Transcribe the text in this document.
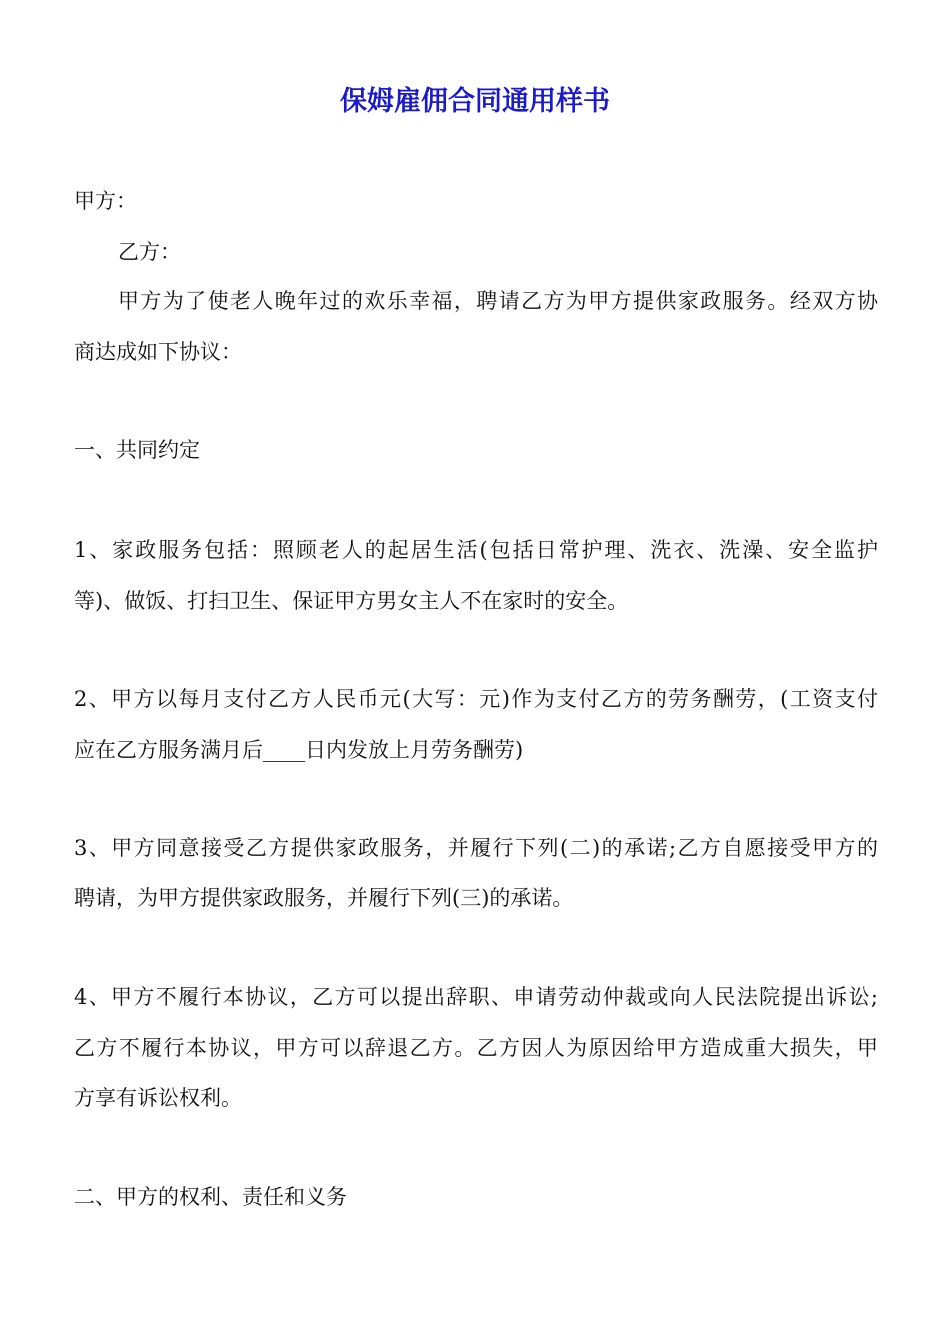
保姆雇佣合同通用样书
甲方：
乙方：
甲方为了使老人晚年过的欢乐幸福，聘请乙方为甲方提供家政服务。经双方协
商达成如下协议：
一、共同约定
1、家政服务包括：照顾老人的起居生活(包括日常护理、洗衣、洗澡、安全监护
等)、做饭、打扫卫生、保证甲方男女主人不在家时的安全。
2、甲方以每月支付乙方人民币元(大写：元)作为支付乙方的劳务酬劳，(工资支付
应在乙方服务满月后____日内发放上月劳务酬劳)
3、甲方同意接受乙方提供家政服务，并履行下列(二)的承诺;乙方自愿接受甲方的
聘请，为甲方提供家政服务，并履行下列(三)的承诺。
4、甲方不履行本协议，乙方可以提出辞职、申请劳动仲裁或向人民法院提出诉讼;
乙方不履行本协议，甲方可以辞退乙方。乙方因人为原因给甲方造成重大损失，甲
方享有诉讼权利。
二、甲方的权利、责任和义务
